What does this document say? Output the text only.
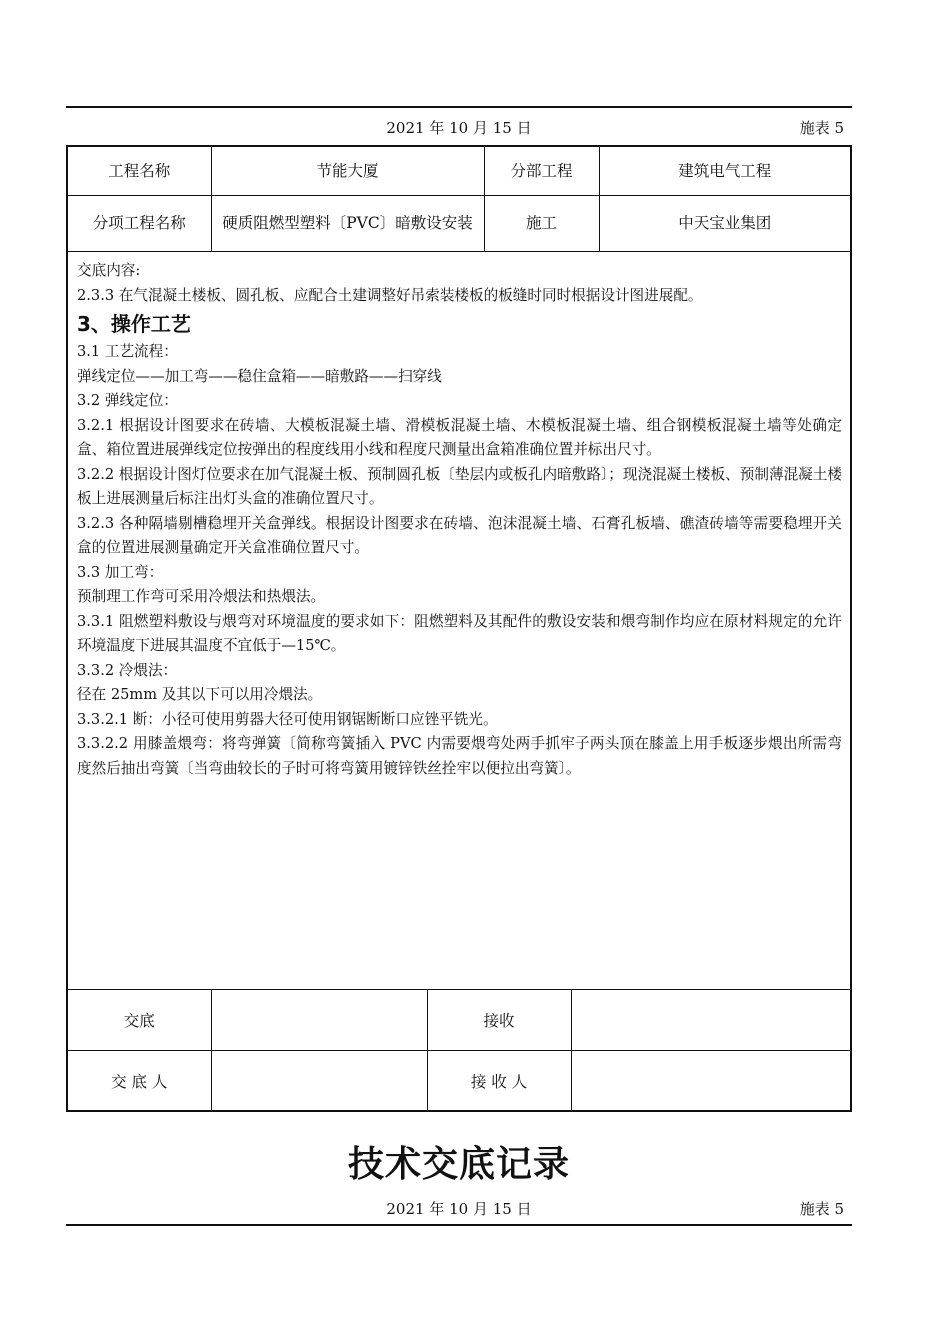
2021 年 10 月 15 日	施表 5
工程名称	节能大厦	分部工程	建筑电气工程
分项工程名称	硬质阻燃型塑料〔PVC〕暗敷设安装	施工	中天宝业集团

交底内容:

2.3.3 在气混凝土楼板、圆孔板、应配合土建调整好吊索装楼板的板缝时同时根据设计图进展配。

3、操作工艺

3.1 工艺流程：

弹线定位——加工弯——稳住盒箱——暗敷路——扫穿线

3.2 弹线定位：

3.2.1 根据设计图要求在砖墙、大模板混凝土墙、滑模板混凝土墙、木模板混凝土墙、组合钢模板混凝土墙等处确定盒、箱位置进展弹线定位按弹出的程度线用小线和程度尺测量出盒箱准确位置并标出尺寸。

3.2.2 根据设计图灯位要求在加气混凝土板、预制圆孔板〔垫层内或板孔内暗敷路〕；现浇混凝土楼板、预制薄混凝土楼板上进展测量后标注出灯头盒的准确位置尺寸。

3.2.3 各种隔墙剔槽稳埋开关盒弹线。根据设计图要求在砖墙、泡沫混凝土墙、石膏孔板墙、礁渣砖墙等需要稳埋开关盒的位置进展测量确定开关盒准确位置尺寸。

3.3 加工弯：

预制理工作弯可采用冷煨法和热煨法。

3.3.1 阻燃塑料敷设与煨弯对环境温度的要求如下：阻燃塑料及其配件的敷设安装和煨弯制作均应在原材料规定的允许环境温度下进展其温度不宜低于—15℃。

3.3.2 冷煨法：

径在 25mm 及其以下可以用冷煨法。

3.3.2.1 断：小径可使用剪器大径可使用钢锯断断口应锉平铣光。

3.3.2.2 用膝盖煨弯：将弯弹簧〔简称弯簧插入 PVC 内需要煨弯处两手抓牢子两头顶在膝盖上用手板逐步煨出所需弯度然后抽出弯簧〔当弯曲较长的子时可将弯簧用镀锌铁丝拴牢以便拉出弯簧〕。

交底		接收	
交 底 人		接 收 人	
技术交底记录
2021 年 10 月 15 日	施表 5
